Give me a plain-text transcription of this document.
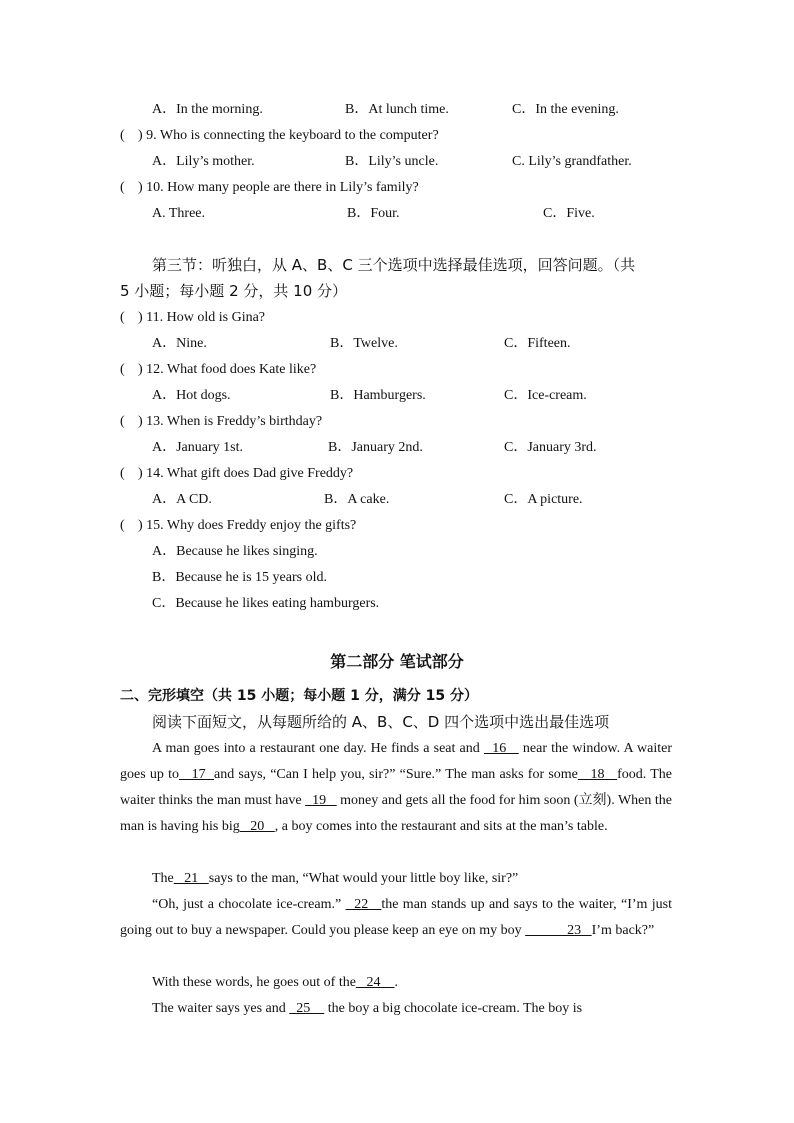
A．In the morning.	B．At lunch time.	C．In the evening.
( ) 9. Who is connecting the keyboard to the computer?
A．Lily’s mother.	B．Lily’s uncle.	C. Lily’s grandfather.
( ) 10. How many people are there in Lily’s family?
A. Three.	B．Four.	C．Five.
第三节：听独白，从 A、B、C 三个选项中选择最佳选项，回答问题。（共
5 小题；每小题 2 分，共 10 分）
( ) 11. How old is Gina?
A．Nine.	B．Twelve.	C．Fifteen.
( ) 12. What food does Kate like?
A．Hot dogs.	B．Hamburgers.	C．Ice-cream.
( ) 13. When is Freddy’s birthday?
A．January 1st.	B．January 2nd.	C．January 3rd.
( ) 14. What gift does Dad give Freddy?
A．A CD.	B．A cake.	C．A picture.
( ) 15. Why does Freddy enjoy the gifts?
A．Because he likes singing.
B．Because he is 15 years old.
C．Because he likes eating hamburgers.
第二部分 笔试部分
二、完形填空（共 15 小题；每小题 1 分，满分 15 分）
阅读下面短文，从每题所给的 A、B、C、D 四个选项中选出最佳选项
A man goes into a restaurant one day. He finds a seat and   16    near the window. A waiter goes up to   17  and says, “Can I help you, sir?” “Sure.” The man asks for some   18   food. The waiter thinks the man must have   19    money and gets all the food for him soon (立刻). When the man is having his big   20   , a boy comes into the restaurant and sits at the man’s table.
The   21   says to the man, “What would your little boy like, sir?”
“Oh, just a chocolate ice-cream.”   22   the man stands up and says to the waiter, “I’m just going out to buy a newspaper. Could you please keep an eye on my boy             23   I’m back?”
With these words, he goes out of the   24    .
The waiter says yes and   25     the boy a big chocolate ice-cream. The boy is
